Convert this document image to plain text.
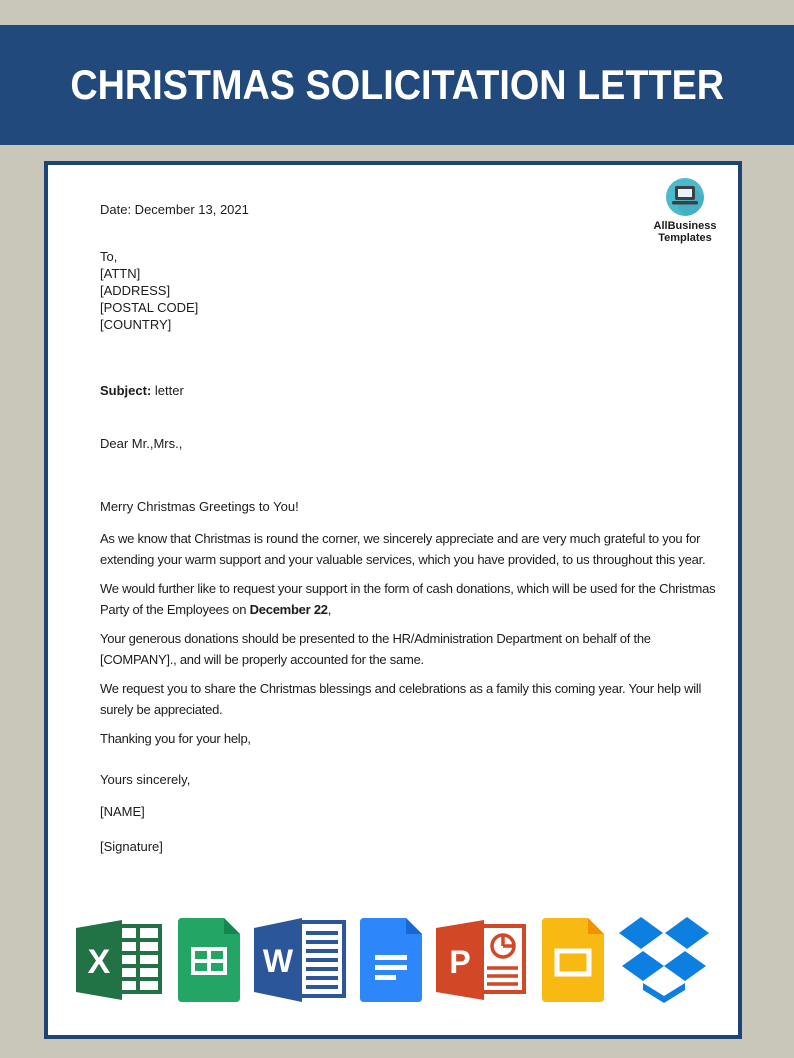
CHRISTMAS SOLICITATION LETTER
AllBusiness
Templates
Date: December 13, 2021
To,
[ATTN]
[ADDRESS]
[POSTAL CODE]
[COUNTRY]
Subject: letter
Dear Mr.,Mrs.,
Merry Christmas Greetings to You!

As we know that Christmas is round the corner, we sincerely appreciate and are very much grateful to you for extending your warm support and your valuable services, which you have provided, to us throughout this year.

We would further like to request your support in the form of cash donations, which will be used for the Christmas Party of the Employees on December 22,

Your generous donations should be presented to the HR/Administration Department on behalf of the [COMPANY]., and will be properly accounted for the same.

We request you to share the Christmas blessings and celebrations as a family this coming year. Your help will surely be appreciated.

Thanking you for your help,

Yours sincerely,
[NAME]
[Signature]
X	W	P
